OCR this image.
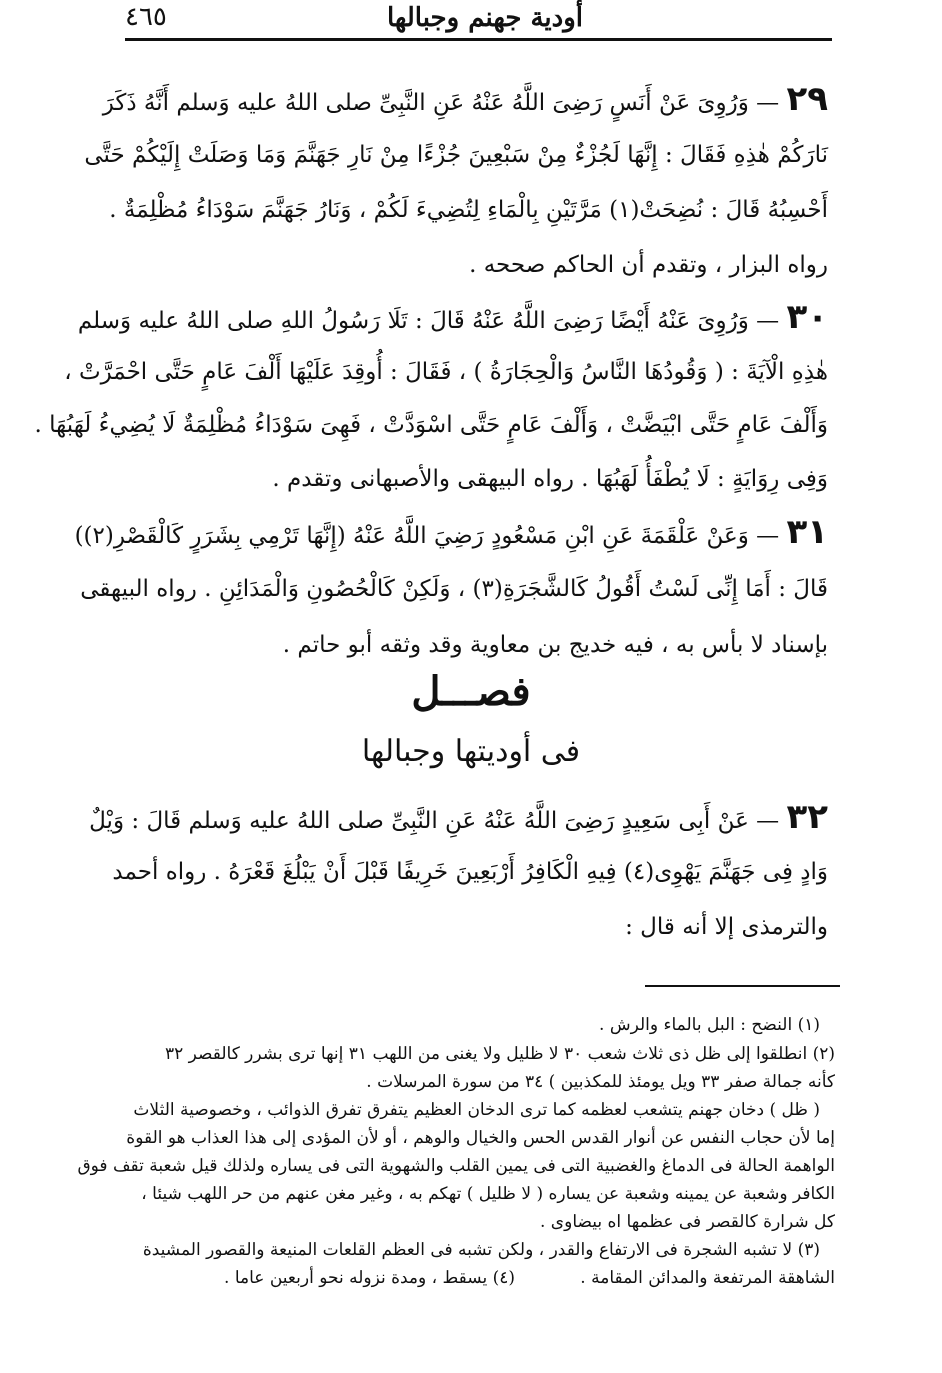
٤٦٥	أودية جهنم وجبالها
٢٩ — وَرُوِىَ عَنْ أَنَسٍ رَضِىَ اللَّهُ عَنْهُ عَنِ النَّبِىِّ صلى اللهُ عليه وَسلم أَنَّهُ ذَكَرَ
نَارَكُمْ هٰذِهِ فَقَالَ : إِنَّهَا لَجُزْءٌ مِنْ سَبْعِينَ جُزْءًا مِنْ نَارِ جَهَنَّمَ وَمَا وَصَلَتْ إِلَيْكُمْ حَتَّى
أَحْسِبُهُ قَالَ : نُضِحَتْ(١) مَرَّتَيْنِ بِالْمَاءِ لِتُضِيءَ لَكُمْ ، وَنَارُ جَهَنَّمَ سَوْدَاءُ مُظْلِمَةٌ .
رواه البزار ، وتقدم أن الحاكم صححه .
٣٠ — وَرُوِىَ عَنْهُ أَيْضًا رَضِىَ اللَّهُ عَنْهُ قَالَ : تَلَا رَسُولُ اللهِ صلى اللهُ عليه وَسلم
هٰذِهِ الْآيَةَ : ( وَقُودُهَا النَّاسُ وَالْحِجَارَةُ ) ، فَقَالَ : أُوقِدَ عَلَيْهَا أَلْفَ عَامٍ حَتَّى احْمَرَّتْ ،
وَأَلْفَ عَامٍ حَتَّى ابْيَضَّتْ ، وَأَلْفَ عَامٍ حَتَّى اسْوَدَّتْ ، فَهِىَ سَوْدَاءُ مُظْلِمَةٌ لَا يُضِيءُ لَهَبُهَا .
وَفِى رِوَايَةٍ : لَا يُطْفَأُ لَهَبُهَا . رواه البيهقى والأصبهانى وتقدم .
٣١ — وَعَنْ عَلْقَمَةَ عَنِ ابْنِ مَسْعُودٍ رَضِيَ اللَّهُ عَنْهُ (إِنَّهَا تَرْمِي بِشَرَرٍ كَالْقَصْرِ(٢))
قَالَ : أَمَا إِنِّى لَسْتُ أَقُولُ كَالشَّجَرَةِ(٣) ، وَلَكِنْ كَالْحُصُونِ وَالْمَدَائِنِ . رواه البيهقى
بإسناد لا بأس به ، فيه خديج بن معاوية وقد وثقه أبو حاتم .
فصـــل
فى أوديتها وجبالها
٣٢ — عَنْ أَبِى سَعِيدٍ رَضِىَ اللَّهُ عَنْهُ عَنِ النَّبِىِّ صلى اللهُ عليه وَسلم قَالَ : وَيْلٌ
وَادٍ فِى جَهَنَّمَ يَهْوِى(٤) فِيهِ الْكَافِرُ أَرْبَعِينَ خَرِيفًا قَبْلَ أَنْ يَبْلُغَ قَعْرَهُ . رواه أحمد
والترمذى إلا أنه قال :
(١) النضح : البل بالماء والرش .
(٢) انطلقوا إلى ظل ذى ثلاث شعب ٣٠ لا ظليل ولا يغنى من اللهب ٣١ إنها ترى بشرر كالقصر ٣٢
كأنه جمالة صفر ٣٣ ويل يومئذ للمكذبين ) ٣٤ من سورة المرسلات .
( ظل ) دخان جهنم يتشعب لعظمه كما ترى الدخان العظيم يتفرق تفرق الذوائب ، وخصوصية الثلاث
إما لأن حجاب النفس عن أنوار القدس الحس والخيال والوهم ، أو لأن المؤدى إلى هذا العذاب هو القوة
الواهمة الحالة فى الدماغ والغضبية التى فى يمين القلب والشهوية التى فى يساره ولذلك قيل شعبة تقف فوق
الكافر وشعبة عن يمينه وشعبة عن يساره ( لا ظليل ) تهكم به ، وغير مغن عنهم من حر اللهب شيئا ،
كل شرارة كالقصر فى عظمها اه بيضاوى .
(٣) لا تشبه الشجرة فى الارتفاع والقدر ، ولكن تشبه فى العظم القلعات المنيعة والقصور المشيدة
الشاهقة المرتفعة والمدائن المقامة .
(٤) يسقط ، ومدة نزوله نحو أربعين عاما .
